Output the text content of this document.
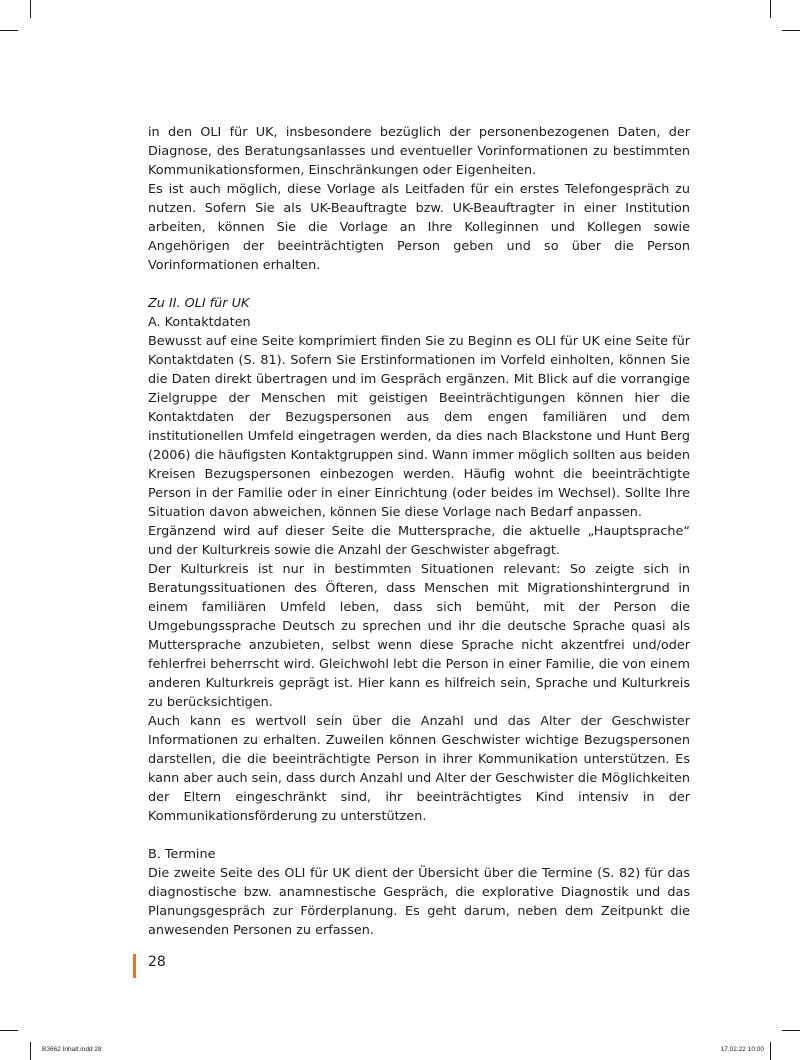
in den OLI für UK, insbesondere bezüglich der personenbezogenen Daten, der Diagnose, des Beratungsanlasses und eventueller Vorinformationen zu bestimmten Kommunikationsformen, Einschränkungen oder Eigenheiten.

Es ist auch möglich, diese Vorlage als Leitfaden für ein erstes Telefongespräch zu nutzen. Sofern Sie als UK-Beauftragte bzw. UK-Beauftragter in einer Institution arbeiten, können Sie die Vorlage an Ihre Kolleginnen und Kollegen sowie Angehörigen der beeinträchtigten Person geben und so über die Person Vorinformationen erhalten.

Zu II. OLI für UK

A. Kontaktdaten

Bewusst auf eine Seite komprimiert finden Sie zu Beginn es OLI für UK eine Seite für Kontaktdaten (S. 81). Sofern Sie Erstinformationen im Vorfeld einholten, können Sie die Daten direkt übertragen und im Gespräch ergänzen. Mit Blick auf die vorrangige Zielgruppe der Menschen mit geistigen Beeinträchtigungen können hier die Kontaktdaten der Bezugspersonen aus dem engen familiären und dem institutionellen Umfeld eingetragen werden, da dies nach Blackstone und Hunt Berg (2006) die häufigsten Kontaktgruppen sind. Wann immer möglich sollten aus beiden Kreisen Bezugspersonen einbezogen werden. Häufig wohnt die beeinträchtigte Person in der Familie oder in einer Einrichtung (oder beides im Wechsel). Sollte Ihre Situation davon abweichen, können Sie diese Vorlage nach Bedarf anpassen.

Ergänzend wird auf dieser Seite die Muttersprache, die aktuelle „Hauptsprache“ und der Kulturkreis sowie die Anzahl der Geschwister abgefragt.

Der Kulturkreis ist nur in bestimmten Situationen relevant: So zeigte sich in Beratungssituationen des Öfteren, dass Menschen mit Migrationshintergrund in einem familiären Umfeld leben, dass sich bemüht, mit der Person die Umgebungssprache Deutsch zu sprechen und ihr die deutsche Sprache quasi als Muttersprache anzubieten, selbst wenn diese Sprache nicht akzentfrei und/oder fehlerfrei beherrscht wird. Gleichwohl lebt die Person in einer Familie, die von einem anderen Kulturkreis geprägt ist. Hier kann es hilfreich sein, Sprache und Kulturkreis zu berücksichtigen.

Auch kann es wertvoll sein über die Anzahl und das Alter der Geschwister Informationen zu erhalten. Zuweilen können Geschwister wichtige Bezugspersonen darstellen, die die beeinträchtigte Person in ihrer Kommunikation unterstützen. Es kann aber auch sein, dass durch Anzahl und Alter der Geschwister die Möglichkeiten der Eltern eingeschränkt sind, ihr beeinträchtigtes Kind intensiv in der Kommunikationsförderung zu unterstützen.

B. Termine

Die zweite Seite des OLI für UK dient der Übersicht über die Termine (S. 82) für das diagnostische bzw. anamnestische Gespräch, die explorative Diagnostik und das Planungsgespräch zur Förderplanung. Es geht darum, neben dem Zeitpunkt die anwesenden Personen zu erfassen.

28
B3662 Inhalt.indd 28	17.02.22 10:00
